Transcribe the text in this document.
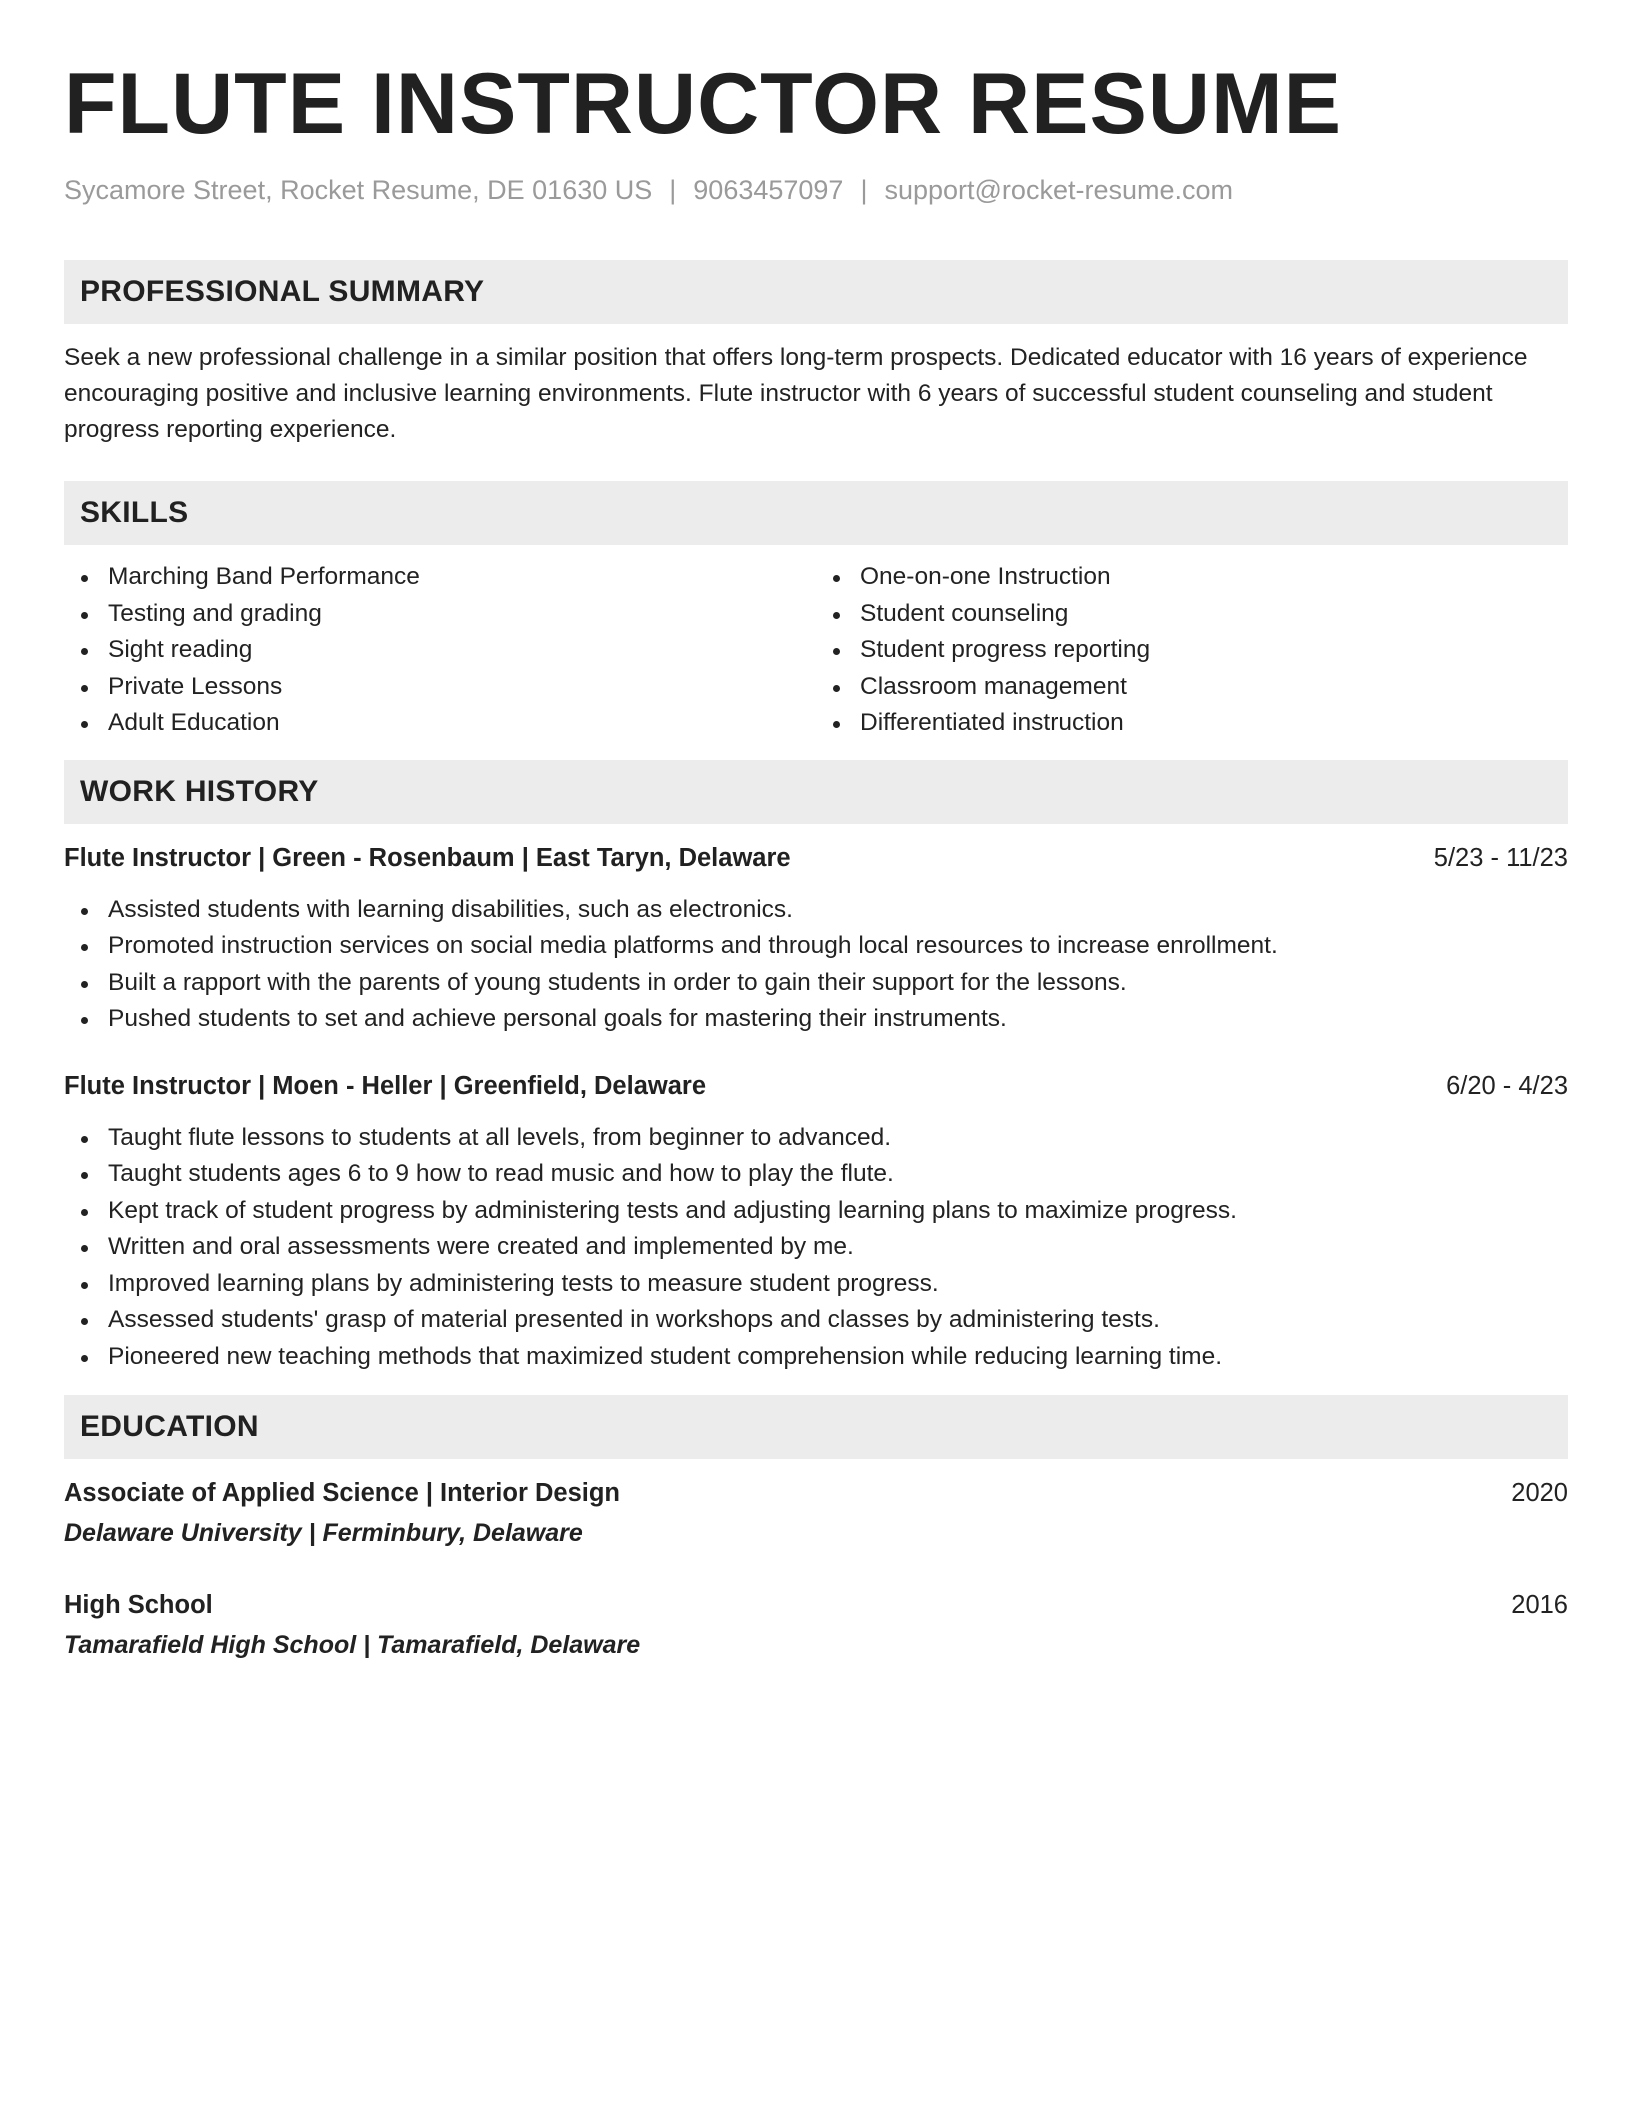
FLUTE INSTRUCTOR RESUME
Sycamore Street, Rocket Resume, DE 01630 US | 9063457097 | support@rocket-resume.com
PROFESSIONAL SUMMARY
Seek a new professional challenge in a similar position that offers long-term prospects. Dedicated educator with 16 years of experience encouraging positive and inclusive learning environments. Flute instructor with 6 years of successful student counseling and student progress reporting experience.
SKILLS
Marching Band Performance
Testing and grading
Sight reading
Private Lessons
Adult Education
One-on-one Instruction
Student counseling
Student progress reporting
Classroom management
Differentiated instruction
WORK HISTORY
Flute Instructor | Green - Rosenbaum | East Taryn, Delaware	5/23 - 11/23
Assisted students with learning disabilities, such as electronics.
Promoted instruction services on social media platforms and through local resources to increase enrollment.
Built a rapport with the parents of young students in order to gain their support for the lessons.
Pushed students to set and achieve personal goals for mastering their instruments.
Flute Instructor | Moen - Heller | Greenfield, Delaware	6/20 - 4/23
Taught flute lessons to students at all levels, from beginner to advanced.
Taught students ages 6 to 9 how to read music and how to play the flute.
Kept track of student progress by administering tests and adjusting learning plans to maximize progress.
Written and oral assessments were created and implemented by me.
Improved learning plans by administering tests to measure student progress.
Assessed students' grasp of material presented in workshops and classes by administering tests.
Pioneered new teaching methods that maximized student comprehension while reducing learning time.
EDUCATION
Associate of Applied Science | Interior Design	2020
Delaware University | Ferminbury, Delaware
High School	2016
Tamarafield High School | Tamarafield, Delaware
